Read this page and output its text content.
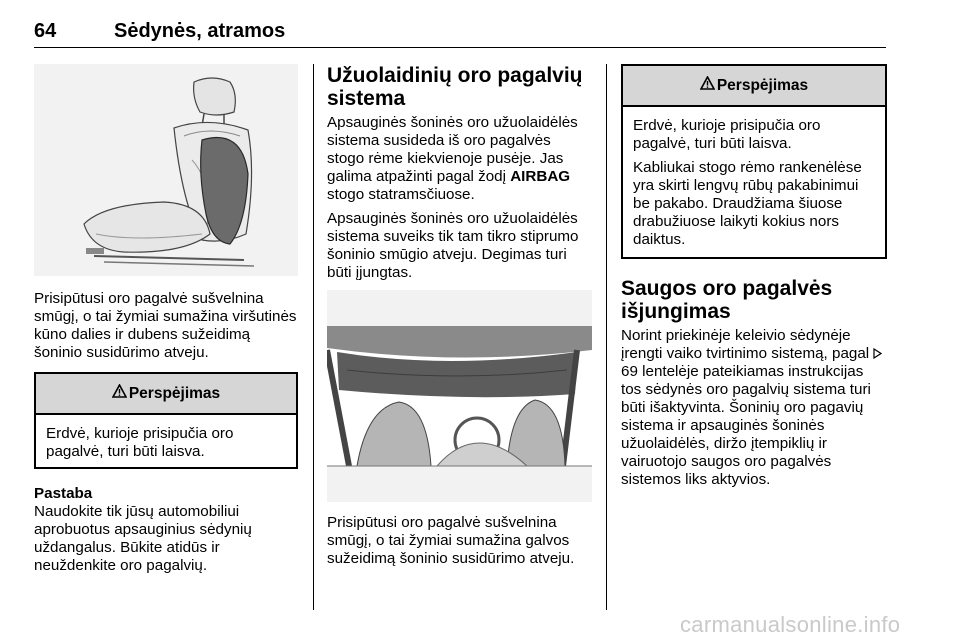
64	Sėdynės, atramos

Prisipūtusi oro pagalvė sušvelnina smūgį, o tai žymiai sumažina viršutinės kūno dalies ir dubens sužeidimą šoninio susidūrimo atveju.

Perspėjimas

Erdvė, kurioje prisipučia oro pagalvė, turi būti laisva.

Pastaba

Naudokite tik jūsų automobiliui aprobuotus apsauginius sėdynių uždangalus. Būkite atidūs ir neuždenkite oro pagalvių.

Užuolaidinių oro pagalvių sistema

Apsauginės šoninės oro užuolaidėlės sistema susideda iš oro pagalvės stogo rėme kiekvienoje pusėje. Jas galima atpažinti pagal žodį AIRBAG stogo statramsčiuose.

Apsauginės šoninės oro užuolaidėlės sistema suveiks tik tam tikro stiprumo šoninio smūgio atveju. Degimas turi būti įjungtas.

Prisipūtusi oro pagalvė sušvelnina smūgį, o tai žymiai sumažina galvos sužeidimą šoninio susidūrimo atveju.

Perspėjimas

Erdvė, kurioje prisipučia oro pagalvė, turi būti laisva.

Kabliukai stogo rėmo rankenėlėse yra skirti lengvų rūbų pakabinimui be pakabo. Draudžiama šiuose drabužiuose laikyti kokius nors daiktus.

Saugos oro pagalvės išjungimas

Norint priekinėje keleivio sėdynėje įrengti vaiko tvirtinimo sistemą, pagal  69 lentelėje pateikiamas instrukcijas tos sėdynės oro pagalvių sistema turi būti išaktyvinta. Šoninių oro pagavių sistema ir apsauginės šoninės užuolaidėlės, diržo įtempiklių ir vairuotojo saugos oro pagalvės sistemos liks aktyvios.

carmanualsonline.info
